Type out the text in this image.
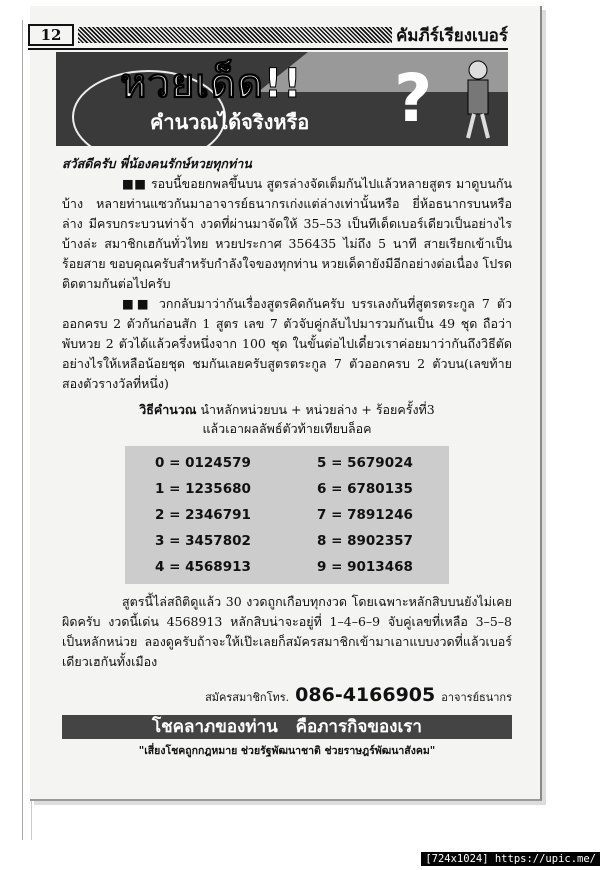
12	คัมภีร์เรียงเบอร์
หวยเด็ด!!
คำนวณได้จริงหรือ ?
สวัสดีครับ พี่น้องคนรักษ์หวยทุกท่าน
■■ รอบนี้ขอยกพลขึ้นบน สูตรล่างจัดเต็มกันไปแล้วหลายสูตร มาดูบนกันบ้าง หลายท่านแซวกันมาอาจารย์ธนากรเก่งแต่ล่างเท่านั้นหรือ ยี่ห้อธนากรบนหรือล่าง มีครบกระบวนท่าจ้า งวดที่ผ่านมาจัดให้ 35–53 เป็นทีเด็ดเบอร์เดียวเป็นอย่างไรบ้างล่ะ สมาชิกเฮกันทั่วไทย หวยประกาศ 356435 ไม่ถึง 5 นาที สายเรียกเข้าเป็นร้อยสาย ขอบคุณครับสำหรับกำลังใจของทุกท่าน หวยเด็ดายังมีอีกอย่างต่อเนื่อง โปรดติดตามกันต่อไปครับ
■■ วกกลับมาว่ากันเรื่องสูตรคิดกันครับ บรรเลงกันที่สูตรตระกูล 7 ตัวออกครบ 2 ตัวกันก่อนสัก 1 สูตร เลข 7 ตัวจับคู่กลับไปมารวมกันเป็น 49 ชุด ถือว่าพับหวย 2 ตัวได้แล้วครึ่งหนึ่งจาก 100 ชุด ในขั้นต่อไปเดี๋ยวเราค่อยมาว่ากันถึงวิธีตัดอย่างไรให้เหลือน้อยชุด ชมกันเลยครับสูตรตระกูล 7 ตัวออกครบ 2 ตัวบน(เลขท้ายสองตัวรางวัลที่หนึ่ง)
วิธีคำนวณ นำหลักหน่วยบน + หน่วยล่าง + ร้อยครั้งที่3
แล้วเอาผลลัพธ์ตัวท้ายเทียบล็อค
0 = 0124579
1 = 1235680
2 = 2346791
3 = 3457802
4 = 4568913
5 = 5679024
6 = 6780135
7 = 7891246
8 = 8902357
9 = 9013468
สูตรนี้ไล่สถิติดูแล้ว 30 งวดถูกเกือบทุกงวด โดยเฉพาะหลักสิบบนยังไม่เคยผิดครับ งวดนี้เด่น 4568913 หลักสิบน่าจะอยู่ที่ 1–4–6–9 จับคู่เลขที่เหลือ 3–5–8 เป็นหลักหน่วย ลองดูครับถ้าจะให้เป๊ะเลยก็สมัครสมาชิกเข้ามาเอาแบบงวดที่แล้วเบอร์เดียวเฮกันทั้งเมือง
สมัครสมาชิกโทร. 086-4166905 อาจารย์ธนากร
โชคลาภของท่าน คือภารกิจของเรา
"เสี่ยงโชคถูกกฎหมาย ช่วยรัฐพัฒนาชาติ ช่วยราษฎร์พัฒนาสังคม"
[724x1024] https://upic.me/
